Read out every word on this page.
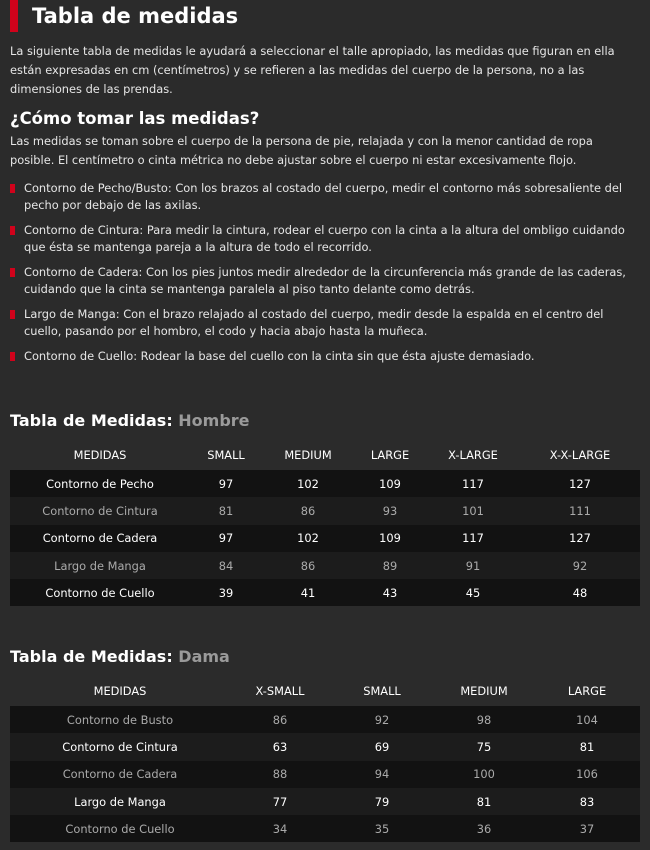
Tabla de medidas

La siguiente tabla de medidas le ayudará a seleccionar el talle apropiado, las medidas que figuran en ella están expresadas en cm (centímetros) y se refieren a las medidas del cuerpo de la persona, no a las dimensiones de las prendas.

¿Cómo tomar las medidas?

Las medidas se toman sobre el cuerpo de la persona de pie, relajada y con la menor cantidad de ropa posible. El centímetro o cinta métrica no debe ajustar sobre el cuerpo ni estar excesivamente flojo.

Contorno de Pecho/Busto: Con los brazos al costado del cuerpo, medir el contorno más sobresaliente del pecho por debajo de las axilas.
Contorno de Cintura: Para medir la cintura, rodear el cuerpo con la cinta a la altura del ombligo cuidando que ésta se mantenga pareja a la altura de todo el recorrido.
Contorno de Cadera: Con los pies juntos medir alrededor de la circunferencia más grande de las caderas, cuidando que la cinta se mantenga paralela al piso tanto delante como detrás.
Largo de Manga: Con el brazo relajado al costado del cuerpo, medir desde la espalda en el centro del cuello, pasando por el hombro, el codo y hacia abajo hasta la muñeca.
Contorno de Cuello: Rodear la base del cuello con la cinta sin que ésta ajuste demasiado.
Tabla de Medidas: Hombre
MEDIDAS	SMALL	MEDIUM	LARGE	X-LARGE	X-X-LARGE
Contorno de Pecho	97	102	109	117	127
Contorno de Cintura	81	86	93	101	111
Contorno de Cadera	97	102	109	117	127
Largo de Manga	84	86	89	91	92
Contorno de Cuello	39	41	43	45	48
Tabla de Medidas: Dama
MEDIDAS	X-SMALL	SMALL	MEDIUM	LARGE
Contorno de Busto	86	92	98	104
Contorno de Cintura	63	69	75	81
Contorno de Cadera	88	94	100	106
Largo de Manga	77	79	81	83
Contorno de Cuello	34	35	36	37
